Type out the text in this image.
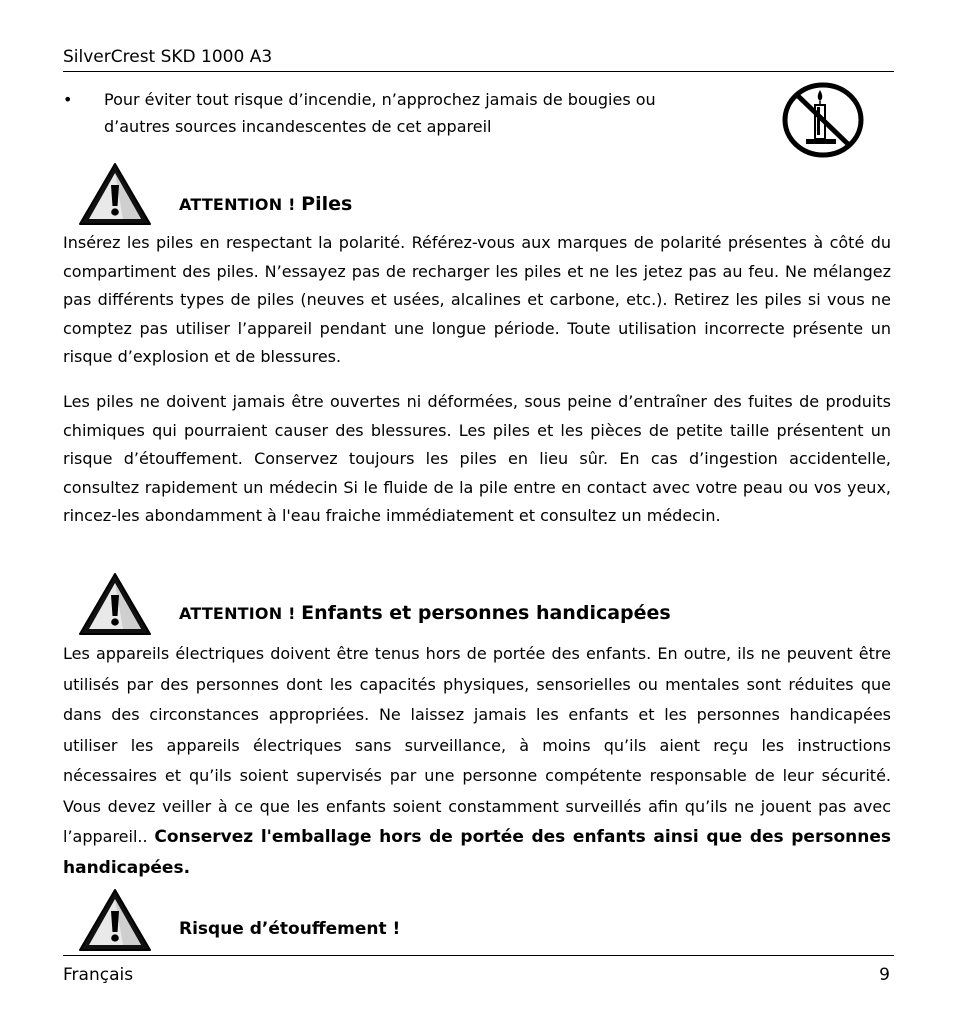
SilverCrest SKD 1000 A3
• Pour éviter tout risque d’incendie, n’approchez jamais de bougies ou d’autres sources incandescentes de cet appareil
ATTENTION ! Piles

Insérez les piles en respectant la polarité. Référez-vous aux marques de polarité présentes à côté du compartiment des piles. N’essayez pas de recharger les piles et ne les jetez pas au feu. Ne mélangez pas différents types de piles (neuves et usées, alcalines et carbone, etc.). Retirez les piles si vous ne comptez pas utiliser l’appareil pendant une longue période. Toute utilisation incorrecte présente un risque d’explosion et de blessures.

Les piles ne doivent jamais être ouvertes ni déformées, sous peine d’entraîner des fuites de produits chimiques qui pourraient causer des blessures. Les piles et les pièces de petite taille présentent un risque d’étouffement. Conservez toujours les piles en lieu sûr. En cas d’ingestion accidentelle, consultez rapidement un médecin Si le fluide de la pile entre en contact avec votre peau ou vos yeux, rincez-les abondamment à l'eau fraiche immédiatement et consultez un médecin.

ATTENTION ! Enfants et personnes handicapées

Les appareils électriques doivent être tenus hors de portée des enfants. En outre, ils ne peuvent être utilisés par des personnes dont les capacités physiques, sensorielles ou mentales sont réduites que dans des circonstances appropriées. Ne laissez jamais les enfants et les personnes handicapées utiliser les appareils électriques sans surveillance, à moins qu’ils aient reçu les instructions nécessaires et qu’ils soient supervisés par une personne compétente responsable de leur sécurité. Vous devez veiller à ce que les enfants soient constamment surveillés afin qu’ils ne jouent pas avec l’appareil.. Conservez l'emballage hors de portée des enfants ainsi que des personnes handicapées.

Risque d’étouffement !
Français	9
